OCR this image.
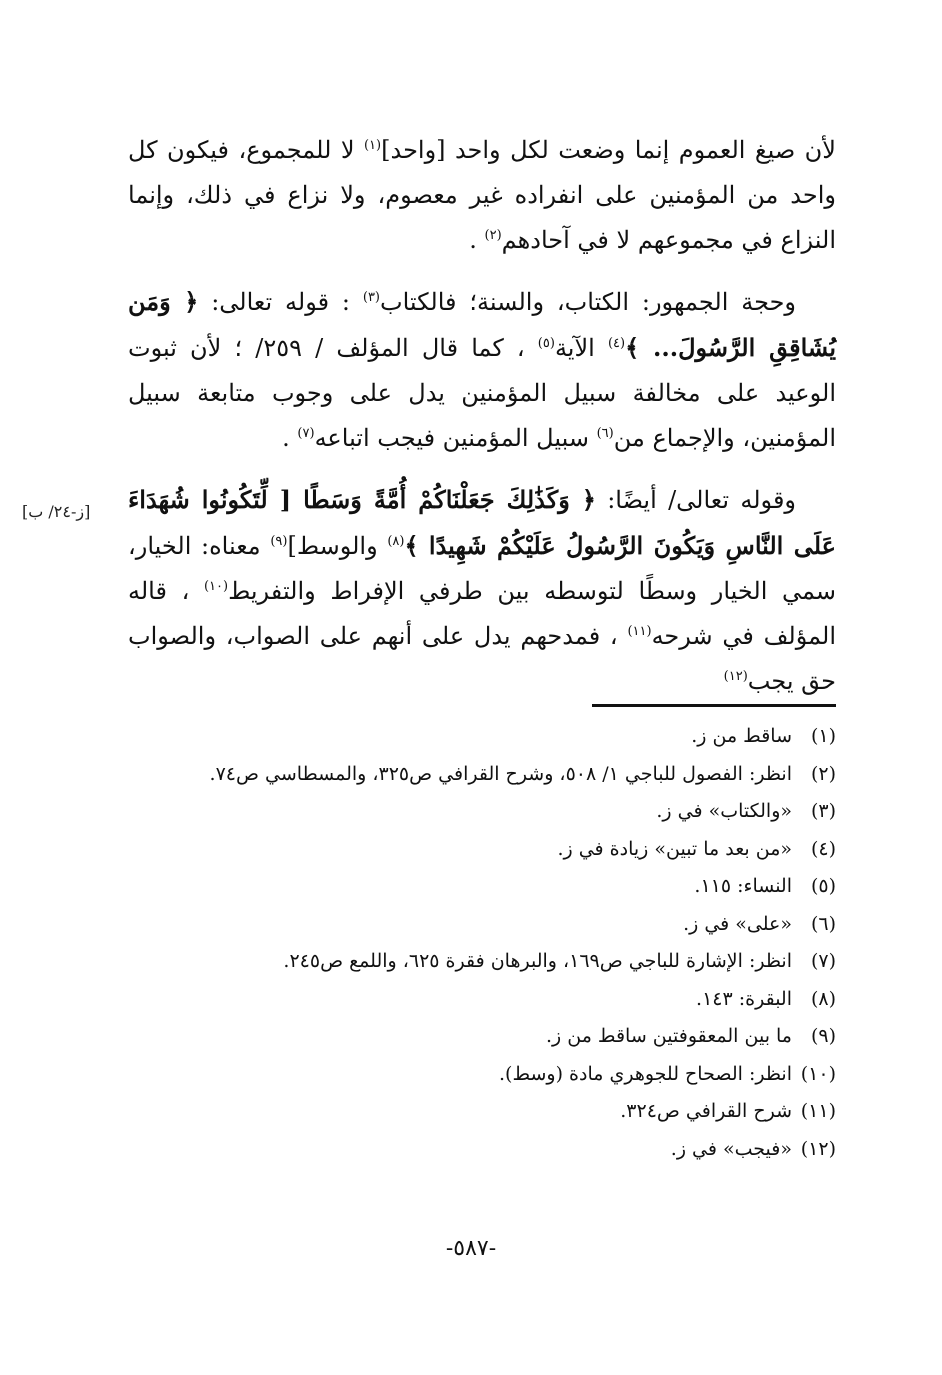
[ز-٢٤/ ب]

لأن صيغ العموم إنما وضعت لكل واحد [واحد]$^{(١)}$ لا للمجموع، فيكون كل واحد من المؤمنين على انفراده غير معصوم، ولا نزاع في ذلك، وإنما النزاع في مجموعهم لا في آحادهم$^{(٢)}$ .

وحجة الجمهور: الكتاب، والسنة؛ فالكتاب$^{(٣)}$ : قوله تعالى: ﴿ وَمَن يُشَاقِقِ الرَّسُولَ... ﴾$^{(٤)}$ الآية$^{(٥)}$ ، كما قال المؤلف / ٢٥٩/ ؛ لأن ثبوت الوعيد على مخالفة سبيل المؤمنين يدل على وجوب متابعة سبيل المؤمنين، والإجماع من$^{(٦)}$ سبيل المؤمنين فيجب اتباعه$^{(٧)}$ .

وقوله تعالى/ أيضًا: ﴿ وَكَذَٰلِكَ جَعَلْنَاكُمْ أُمَّةً وَسَطًا [ لِّتَكُونُوا شُهَدَاءَ عَلَى النَّاسِ وَيَكُونَ الرَّسُولُ عَلَيْكُمْ شَهِيدًا ﴾$^{(٨)}$ والوسط]$^{(٩)}$ معناه: الخيار، سمي الخيار وسطًا لتوسطه بين طرفي الإفراط والتفريط$^{(١٠)}$ ، قاله المؤلف في شرحه$^{(١١)}$ ، فمدحهم يدل على أنهم على الصواب، والصواب حق يجب$^{(١٢)}$

(١)ساقط من ز.
(٢)انظر: الفصول للباجي ١/ ٥٠٨، وشرح القرافي ص٣٢٥، والمسطاسي ص٧٤.
(٣)«والكتاب» في ز.
(٤)«من بعد ما تبين» زيادة في ز.
(٥)النساء: ١١٥.
(٦)«على» في ز.
(٧)انظر: الإشارة للباجي ص١٦٩، والبرهان فقرة ٦٢٥، واللمع ص٢٤٥.
(٨)البقرة: ١٤٣.
(٩)ما بين المعقوفتين ساقط من ز.
(١٠)انظر: الصحاح للجوهري مادة (وسط).
(١١)شرح القرافي ص٣٢٤.
(١٢)«فيجب» في ز.
-٥٨٧-
